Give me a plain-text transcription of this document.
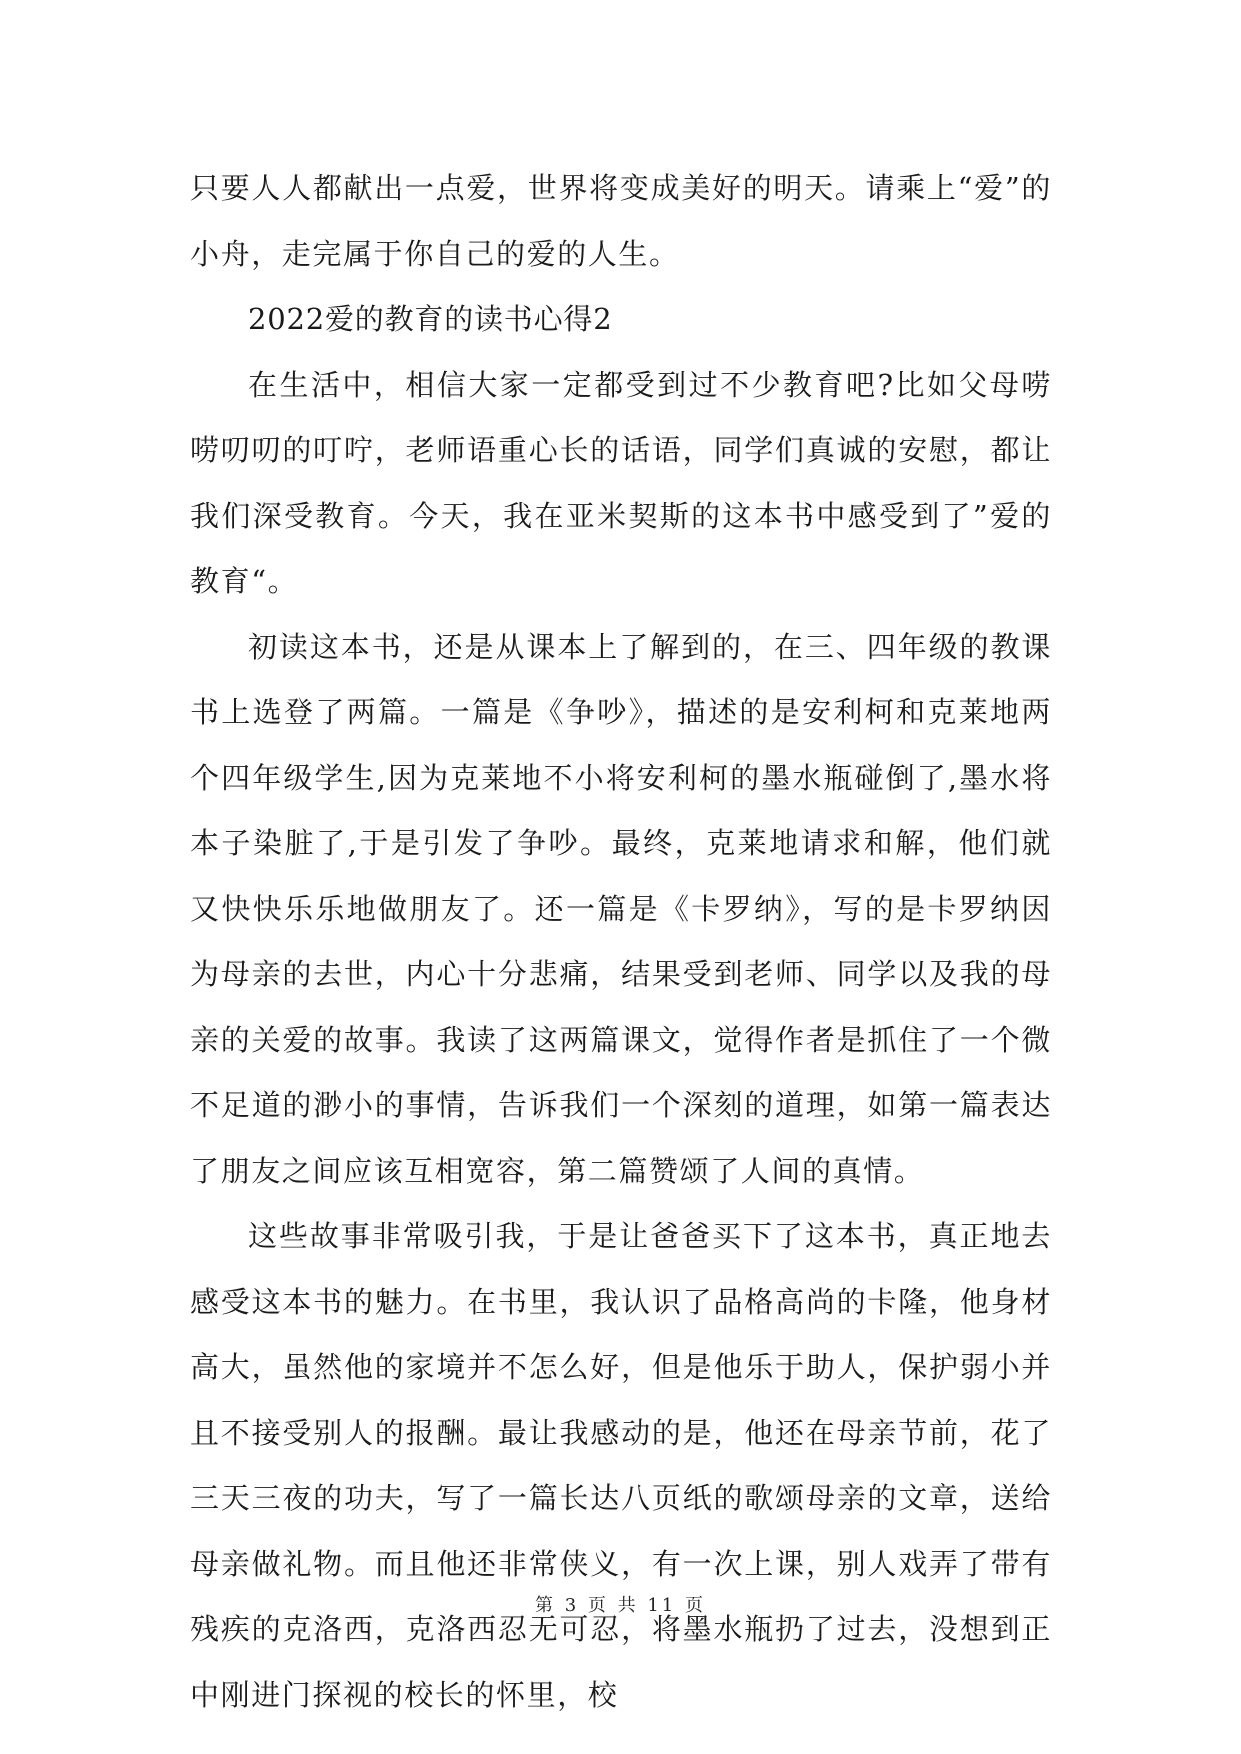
只要人人都献出一点爱，世界将变成美好的明天。请乘上“爱”的小舟，走完属于你自己的爱的人生。

2022爱的教育的读书心得2

在生活中，相信大家一定都受到过不少教育吧?比如父母唠唠叨叨的叮咛，老师语重心长的话语，同学们真诚的安慰，都让我们深受教育。今天，我在亚米契斯的这本书中感受到了”爱的教育“。

初读这本书，还是从课本上了解到的，在三、四年级的教课书上选登了两篇。一篇是《争吵》，描述的是安利柯和克莱地两个四年级学生,因为克莱地不小将安利柯的墨水瓶碰倒了,墨水将本子染脏了,于是引发了争吵。最终，克莱地请求和解，他们就又快快乐乐地做朋友了。还一篇是《卡罗纳》，写的是卡罗纳因为母亲的去世，内心十分悲痛，结果受到老师、同学以及我的母亲的关爱的故事。我读了这两篇课文，觉得作者是抓住了一个微不足道的渺小的事情，告诉我们一个深刻的道理，如第一篇表达了朋友之间应该互相宽容，第二篇赞颂了人间的真情。

这些故事非常吸引我，于是让爸爸买下了这本书，真正地去感受这本书的魅力。在书里，我认识了品格高尚的卡隆，他身材高大，虽然他的家境并不怎么好，但是他乐于助人，保护弱小并且不接受别人的报酬。最让我感动的是，他还在母亲节前，花了三天三夜的功夫，写了一篇长达八页纸的歌颂母亲的文章，送给母亲做礼物。而且他还非常侠义，有一次上课，别人戏弄了带有残疾的克洛西，克洛西忍无可忍，将墨水瓶扔了过去，没想到正中刚进门探视的校长的怀里，校

第 3 页 共 11 页
